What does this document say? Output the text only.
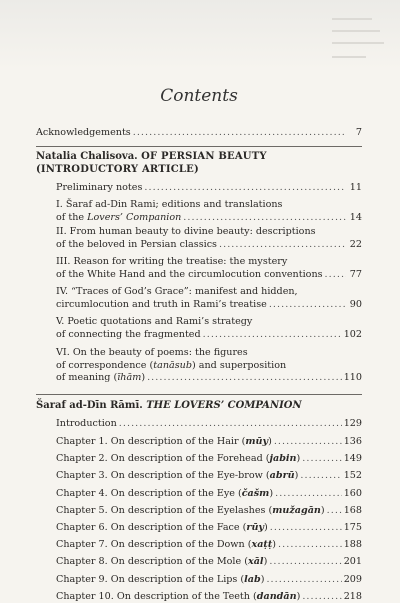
Contents
Acknowledgements . . .	7
Natalia Chalisova. OF PERSIAN BEAUTY
(INTRODUCTORY ARTICLE)
Preliminary notes . . .	11
I. Šaraf ad-Din Rami; editions and translations
of the Lovers’ Companion . . .	14
II. From human beauty to divine beauty: descriptions
of the beloved in Persian classics . . .	22
III. Reason for writing the treatise: the mystery
of the White Hand and the circumlocution conventions . . .	77
IV. “Traces of God’s Grace”: manifest and hidden,
circumlocution and truth in Rami’s treatise . . .	90
V. Poetic quotations and Rami’s strategy
of connecting the fragmented . . .	102
VI. On the beauty of poems: the figures
of correspondence (tanāsub) and superposition
of meaning (īhām) . . .	110
Šaraf ad-Dīn Rāmī. THE LOVERS’ COMPANION
Introduction . . .	129
Chapter 1. On description of the Hair (mūy) . . .	136
Chapter 2. On description of the Forehead (jabin) . . .	149
Chapter 3. On description of the Eye-brow (abrū) . . .	152
Chapter 4. On description of the Eye (čašm) . . .	160
Chapter 5. On description of the Eyelashes (mužagān) . . . 168
Chapter 6. On description of the Face (rūy) . . .	175
Chapter 7. On description of the Down (xaṭṭ) . . .	188
Chapter 8. On description of the Mole (xāl) . . .	201
Chapter 9. On description of the Lips (lab) . . .	209
Chapter 10. On description of the Teeth (dandān) . . .	218
